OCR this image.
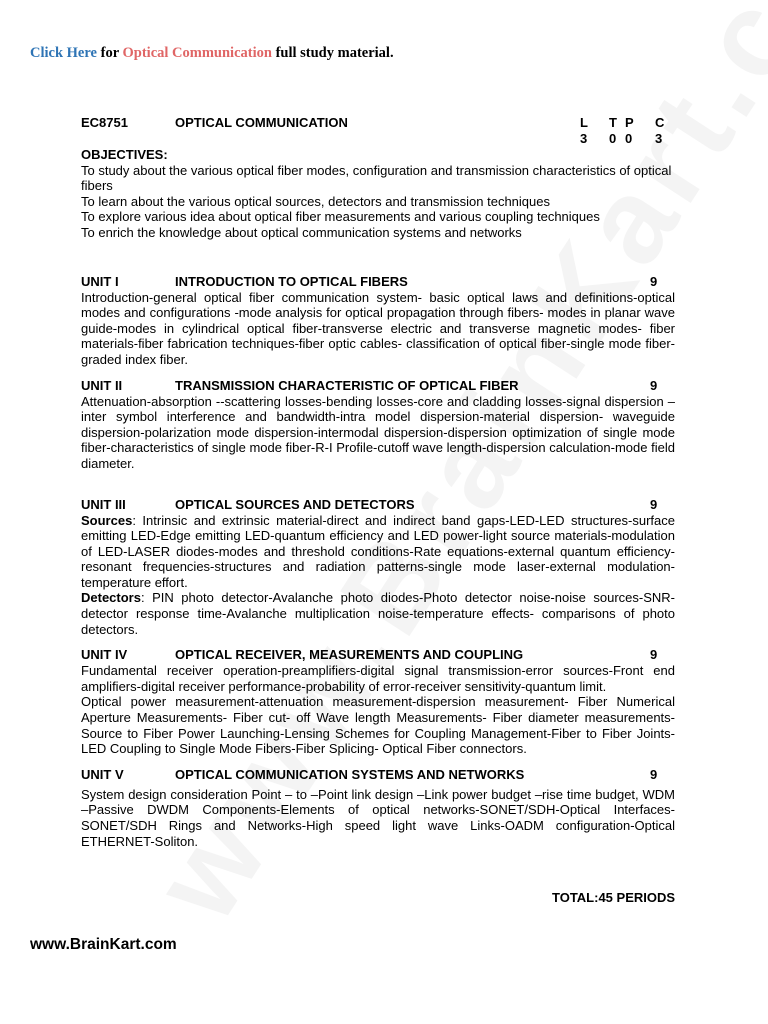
Click Here for Optical Communication full study material.
EC8751	OPTICAL COMMUNICATION	L	T P	C
3	0 0	3
OBJECTIVES:

To study about the various optical fiber modes, configuration and transmission characteristics of optical fibers

To learn about the various optical sources, detectors and transmission techniques

To explore various idea about optical fiber measurements and various coupling techniques

To enrich the knowledge about optical communication systems and networks

UNIT I	INTRODUCTION TO OPTICAL FIBERS	9

Introduction-general optical fiber communication system- basic optical laws and definitions-optical modes and configurations -mode analysis for optical propagation through fibers- modes in planar wave guide-modes in cylindrical optical fiber-transverse electric and transverse magnetic modes- fiber materials-fiber fabrication techniques-fiber optic cables- classification of optical fiber-single mode fiber-graded index fiber.

UNIT II	TRANSMISSION CHARACTERISTIC OF OPTICAL FIBER	9

Attenuation-absorption --scattering losses-bending losses-core and cladding losses-signal dispersion –inter symbol interference and bandwidth-intra model dispersion-material dispersion- waveguide dispersion-polarization mode dispersion-intermodal dispersion-dispersion optimization of single mode fiber-characteristics of single mode fiber-R-I Profile-cutoff wave length-dispersion calculation-mode field diameter.

UNIT III	OPTICAL SOURCES AND DETECTORS	9

Sources: Intrinsic and extrinsic material-direct and indirect band gaps-LED-LED structures-surface emitting LED-Edge emitting LED-quantum efficiency and LED power-light source materials-modulation of LED-LASER diodes-modes and threshold conditions-Rate equations-external quantum efficiency-resonant frequencies-structures and radiation patterns-single mode laser-external modulation-temperature effort.

Detectors: PIN photo detector-Avalanche photo diodes-Photo detector noise-noise sources-SNR-detector response time-Avalanche multiplication noise-temperature effects- comparisons of photo detectors.

UNIT IV	OPTICAL RECEIVER, MEASUREMENTS AND COUPLING	9

Fundamental receiver operation-preamplifiers-digital signal transmission-error sources-Front end amplifiers-digital receiver performance-probability of error-receiver sensitivity-quantum limit.

Optical power measurement-attenuation measurement-dispersion measurement- Fiber Numerical Aperture Measurements- Fiber cut- off Wave length Measurements- Fiber diameter measurements-Source to Fiber Power Launching-Lensing Schemes for Coupling Management-Fiber to Fiber Joints-LED Coupling to Single Mode Fibers-Fiber Splicing- Optical Fiber connectors.

UNIT V	OPTICAL COMMUNICATION SYSTEMS AND NETWORKS	9

System design consideration Point – to –Point link design –Link power budget –rise time budget, WDM –Passive DWDM Components-Elements of optical networks-SONET/SDH-Optical Interfaces-SONET/SDH Rings and Networks-High speed light wave Links-OADM configuration-Optical ETHERNET-Soliton.

TOTAL:45 PERIODS
www.BrainKart.com
